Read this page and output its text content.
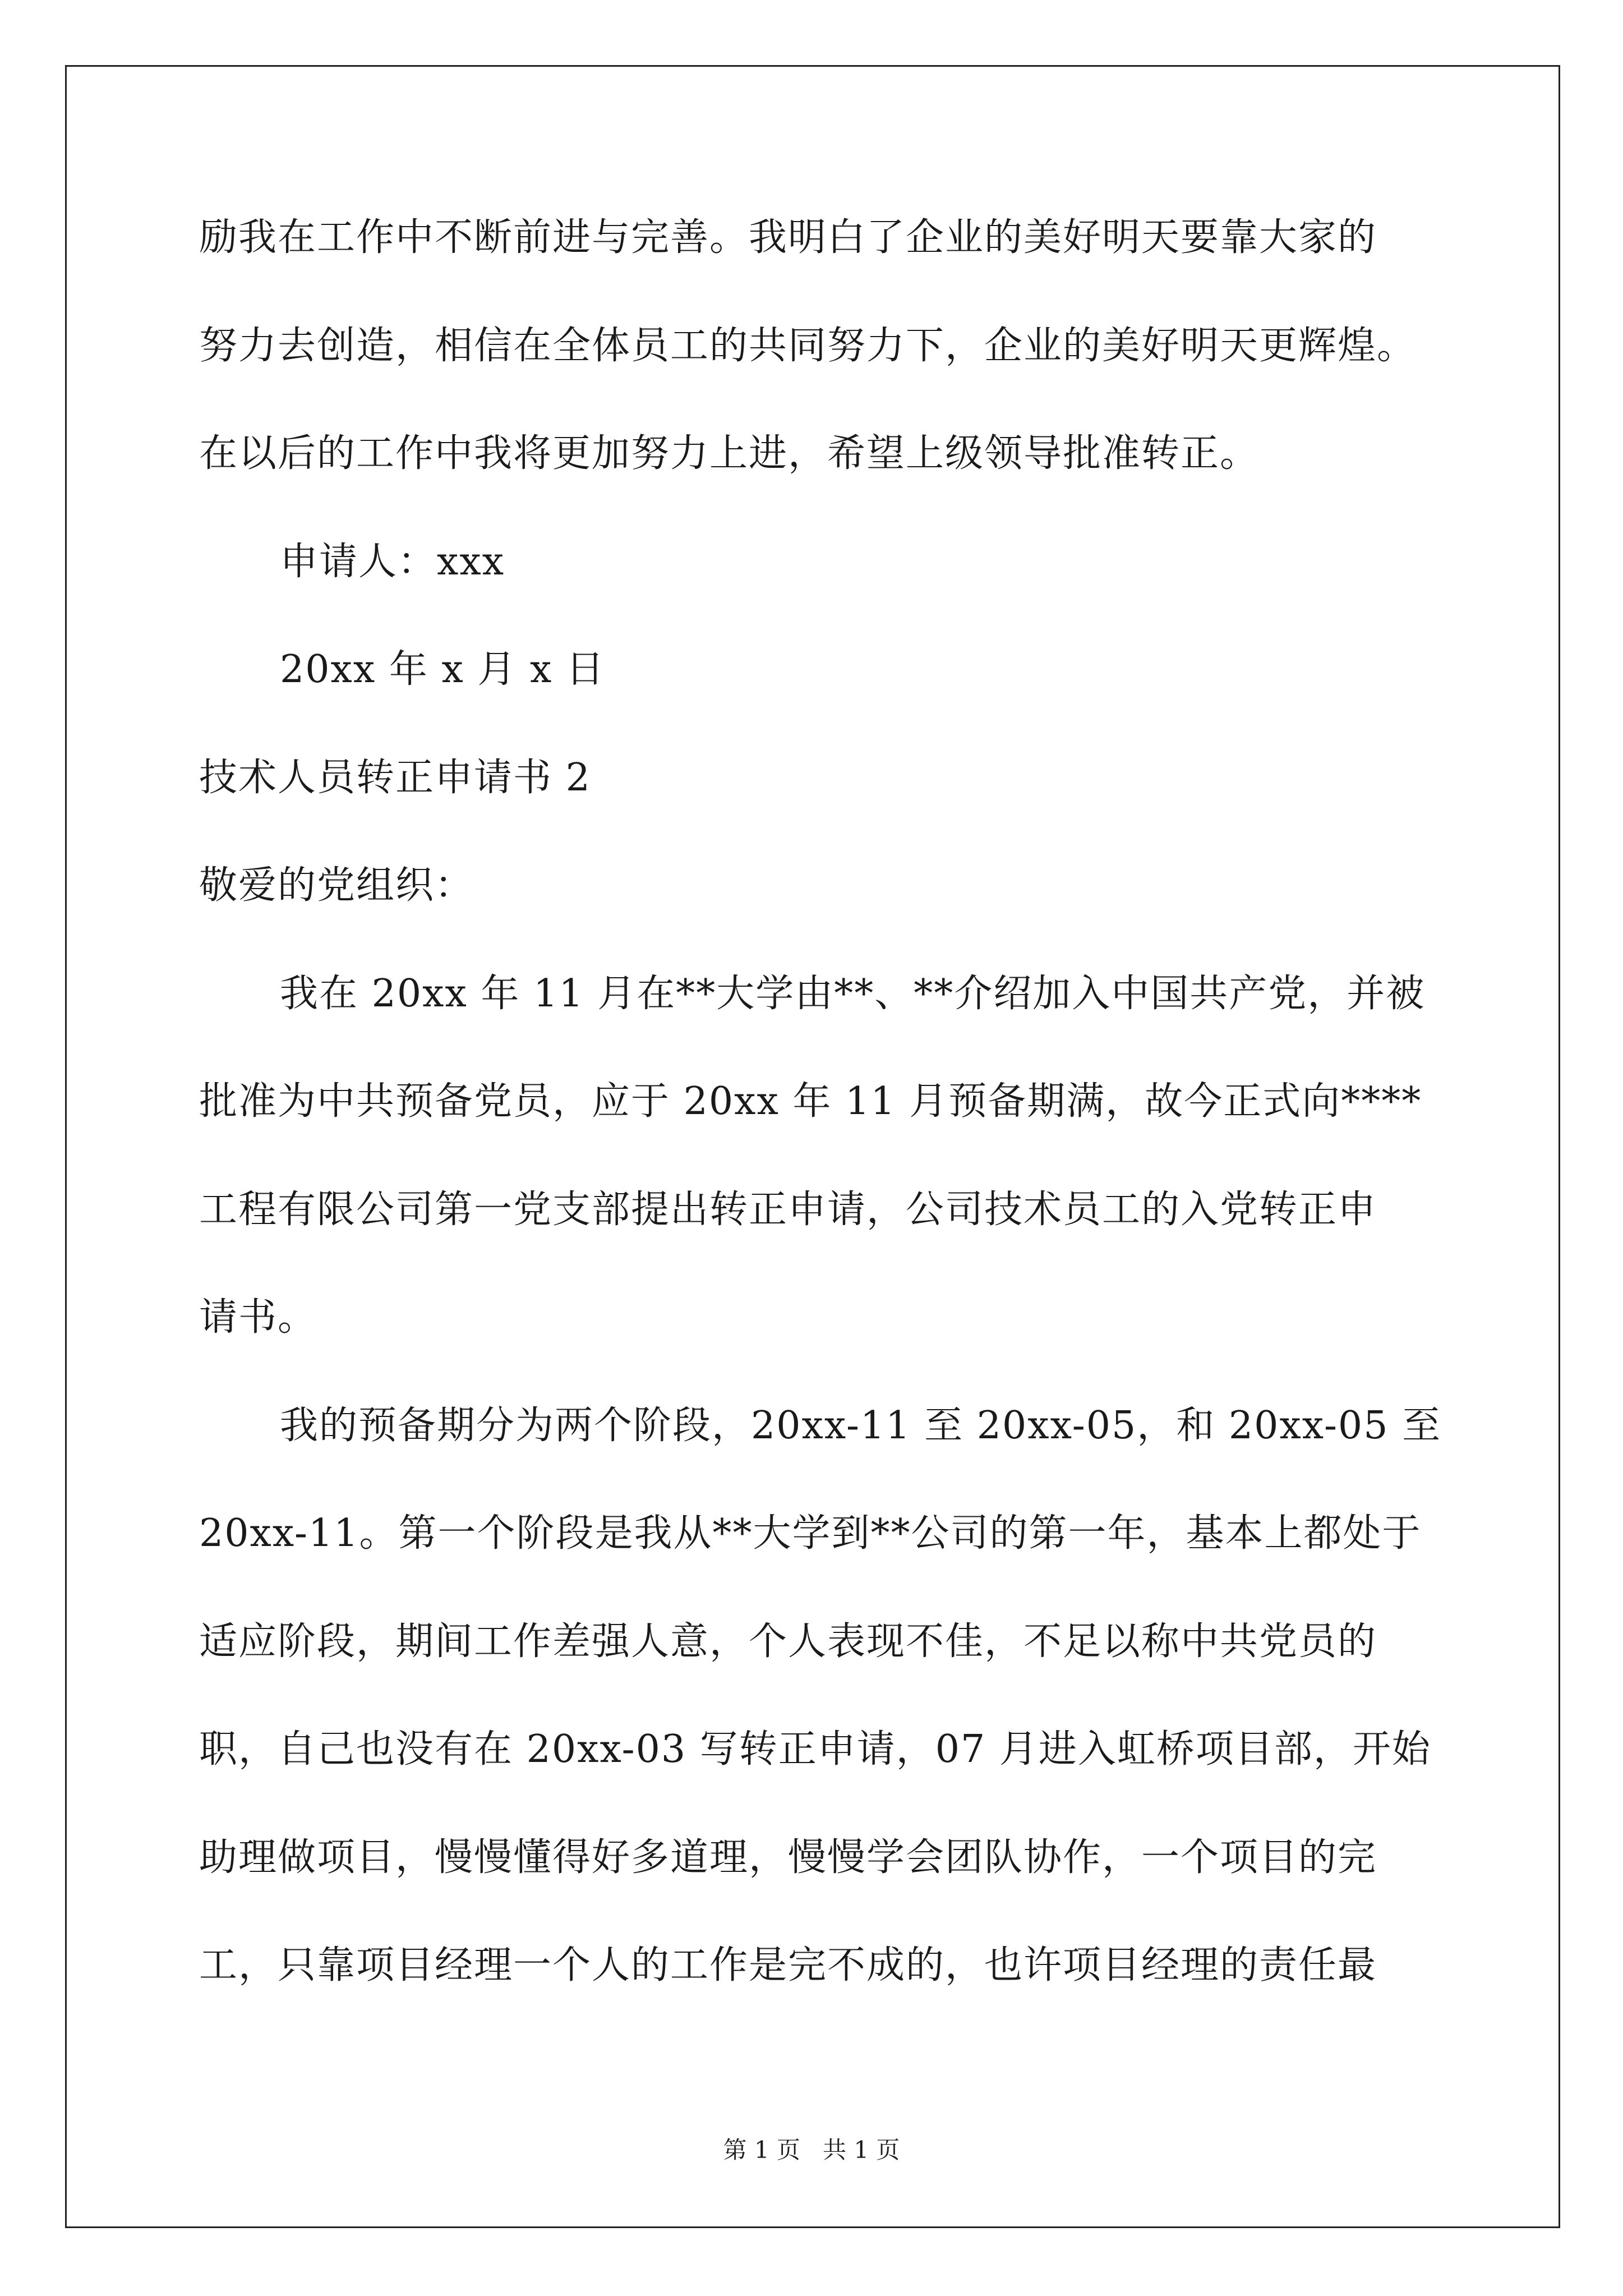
励我在工作中不断前进与完善。我明白了企业的美好明天要靠大家的
努力去创造，相信在全体员工的共同努力下，企业的美好明天更辉煌。
在以后的工作中我将更加努力上进，希望上级领导批准转正。
申请人：xxx
20xx 年 x 月 x 日
技术人员转正申请书 2
敬爱的党组织：
我在 20xx 年 11 月在**大学由**、**介绍加入中国共产党，并被
批准为中共预备党员，应于 20xx 年 11 月预备期满，故今正式向****
工程有限公司第一党支部提出转正申请，公司技术员工的入党转正申
请书。
我的预备期分为两个阶段，20xx-11 至 20xx-05，和 20xx-05 至
20xx-11。第一个阶段是我从**大学到**公司的第一年，基本上都处于
适应阶段，期间工作差强人意，个人表现不佳，不足以称中共党员的
职，自己也没有在 20xx-03 写转正申请，07 月进入虹桥项目部，开始
助理做项目，慢慢懂得好多道理，慢慢学会团队协作，一个项目的完
工，只靠项目经理一个人的工作是完不成的，也许项目经理的责任最
第 1 页 共 1 页
